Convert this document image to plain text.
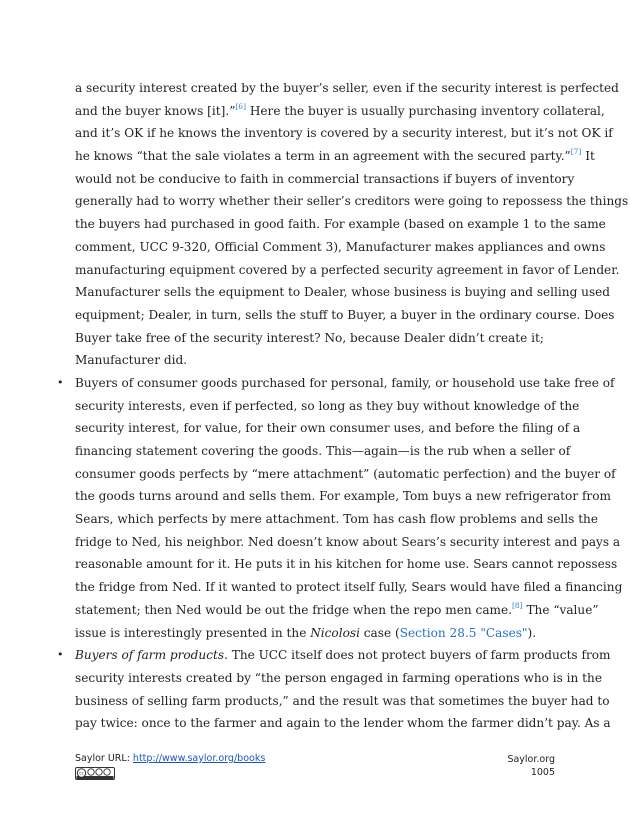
a security interest created by the buyer’s seller, even if the security interest is perfected
and the buyer knows [it].”[6] Here the buyer is usually purchasing inventory collateral,
and it’s OK if he knows the inventory is covered by a security interest, but it’s not OK if
he knows “that the sale violates a term in an agreement with the secured party.”[7] It
would not be conducive to faith in commercial transactions if buyers of inventory
generally had to worry whether their seller’s creditors were going to repossess the things
the buyers had purchased in good faith. For example (based on example 1 to the same
comment, UCC 9-320, Official Comment 3), Manufacturer makes appliances and owns
manufacturing equipment covered by a perfected security agreement in favor of Lender.
Manufacturer sells the equipment to Dealer, whose business is buying and selling used
equipment; Dealer, in turn, sells the stuff to Buyer, a buyer in the ordinary course. Does
Buyer take free of the security interest? No, because Dealer didn’t create it;
Manufacturer did.
• Buyers of consumer goods purchased for personal, family, or household use take free of
security interests, even if perfected, so long as they buy without knowledge of the
security interest, for value, for their own consumer uses, and before the filing of a
financing statement covering the goods. This—again—is the rub when a seller of
consumer goods perfects by “mere attachment” (automatic perfection) and the buyer of
the goods turns around and sells them. For example, Tom buys a new refrigerator from
Sears, which perfects by mere attachment. Tom has cash flow problems and sells the
fridge to Ned, his neighbor. Ned doesn’t know about Sears’s security interest and pays a
reasonable amount for it. He puts it in his kitchen for home use. Sears cannot repossess
the fridge from Ned. If it wanted to protect itself fully, Sears would have filed a financing
statement; then Ned would be out the fridge when the repo men came.[8] The “value”
issue is interestingly presented in the Nicolosi case (Section 28.5 "Cases").
• Buyers of farm products. The UCC itself does not protect buyers of farm products from
security interests created by “the person engaged in farming operations who is in the
business of selling farm products,” and the result was that sometimes the buyer had to
pay twice: once to the farmer and again to the lender whom the farmer didn’t pay. As a
Saylor URL: http://www.saylor.org/books
cc
Saylor.org
1005
